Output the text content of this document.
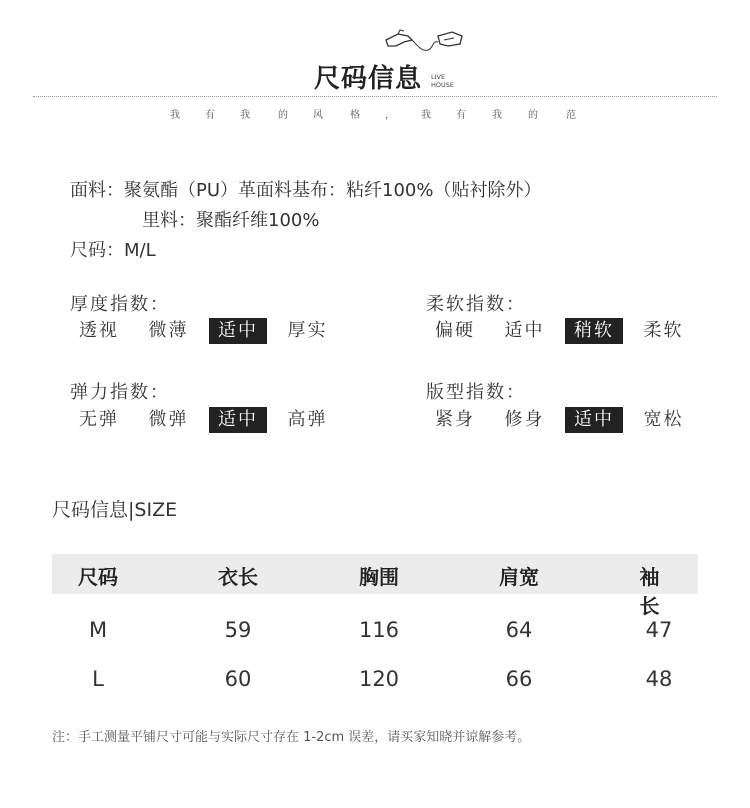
尺码信息 LIVE
HOUSE
我	有	我	的	风	格	，	我	有	我	的	范
面料：聚氨酯（PU）革面料基布：粘纤100%（贴衬除外）
里料：聚酯纤维100%
尺码：M/L
厚度指数：
透视	微薄	适中	厚实
柔软指数：
偏硬	适中	稍软	柔软
弹力指数：
无弹	微弹	适中	高弹
版型指数：
紧身	修身	适中	宽松
尺码信息|SIZE
尺码	衣长	胸围	肩宽	袖长
M	59	116	64	47
L	60	120	66	48
注：手工测量平铺尺寸可能与实际尺寸存在 1-2cm 误差，请买家知晓并谅解参考。
